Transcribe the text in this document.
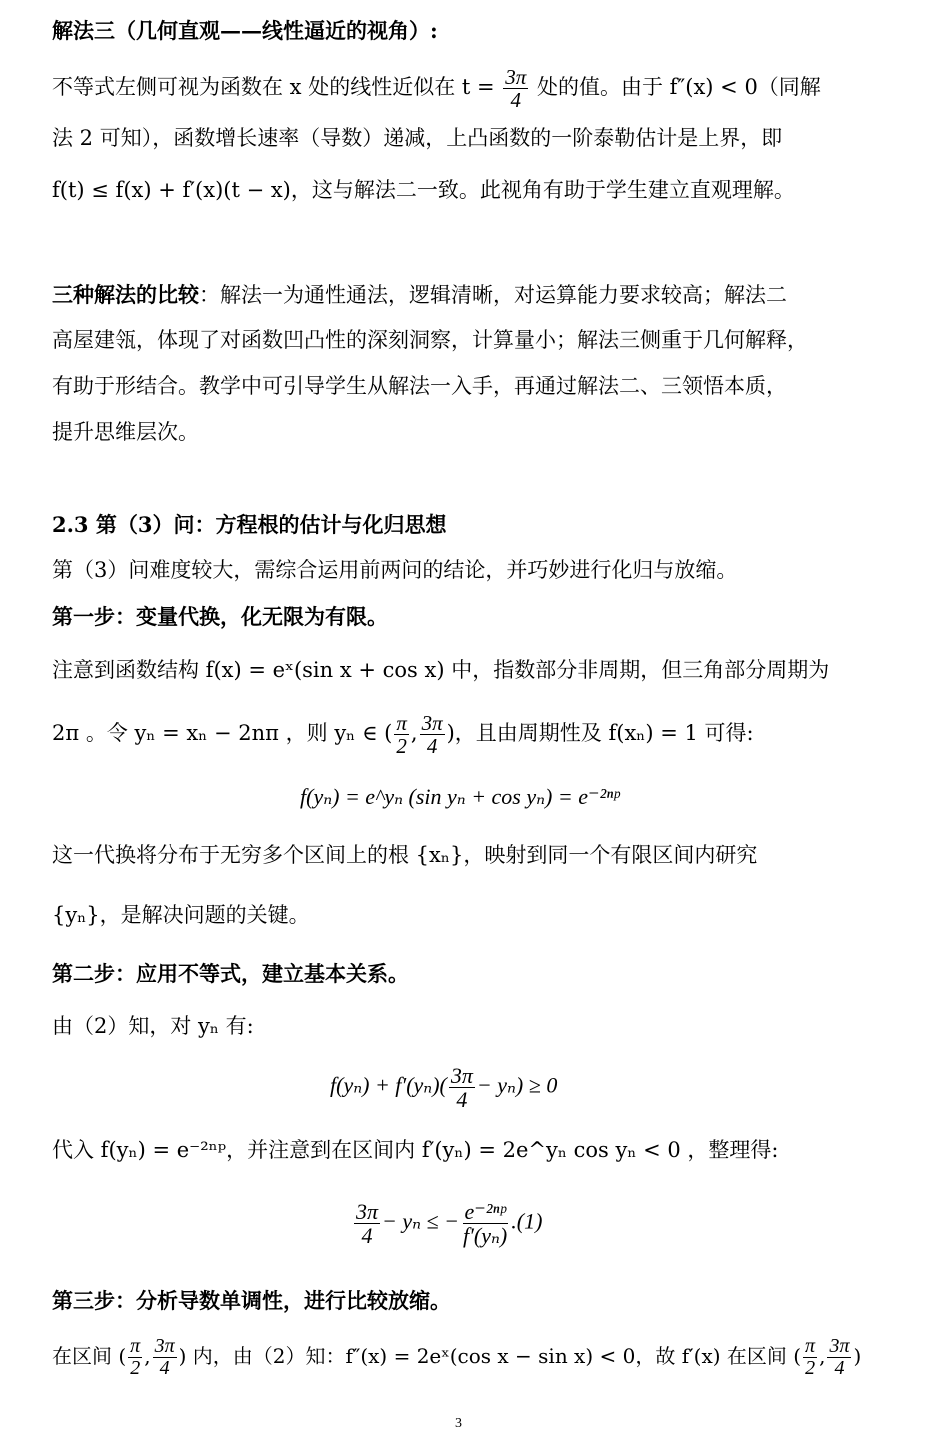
解法三（几何直观——线性逼近的视角）:
不等式左侧可视为函数在 x 处的线性近似在 $t = \frac{3\pi}{4}$ 处的值。由于 f″(x) < 0（同解
法 2 可知），函数增长速率（导数）递减，上凸函数的一阶泰勒估计是上界，即
f(t) ≤ f(x) + f′(x)(t − x)，这与解法二一致。此视角有助于学生建立直观理解。
三种解法的比较：解法一为通性通法，逻辑清晰，对运算能力要求较高；解法二
高屋建瓴，体现了对函数凹凸性的深刻洞察，计算量小；解法三侧重于几何解释，
有助于形结合。教学中可引导学生从解法一入手，再通过解法二、三领悟本质，
提升思维层次。
2.3 第（3）问：方程根的估计与化归思想
第（3）问难度较大，需综合运用前两问的结论，并巧妙进行化归与放缩。
第一步：变量代换，化无限为有限。
注意到函数结构 f(x) = eˣ(sin x + cos x) 中，指数部分非周期，但三角部分周期为
2π 。令 yₙ = xₙ − 2nπ ，则 yₙ ∈ ( $\frac{\pi}{2}$ , $\frac{3\pi}{4}$ )，且由周期性及 f(xₙ) = 1 可得:
f(yₙ) = e^yₙ (sin yₙ + cos yₙ) = e⁻²ⁿᵖ
这一代换将分布于无穷多个区间上的根 {xₙ}，映射到同一个有限区间内研究
{yₙ}，是解决问题的关键。
第二步：应用不等式，建立基本关系。
由（2）知，对 yₙ 有:
$f(y_n) + f'(y_n)( \frac{3\pi}{4} - y_n) \ge 0$
代入 f(yₙ) = e⁻²ⁿᵖ，并注意到在区间内 f′(yₙ) = 2e^yₙ cos yₙ < 0 ，整理得:
$\frac{3\pi}{4} - y_n$ ≤ − $\frac{\text{e⁻²ⁿᵖ}}{\text{f′(yₙ)}} .(1)$
第三步：分析导数单调性，进行比较放缩。
在区间 ( $\frac{\pi}{2}$ , $\frac{3\pi}{4}$ ) 内，由（2）知：f″(x) = 2eˣ(cos x − sin x) < 0，故 f′(x) 在区间 ( $\frac{\pi}{2}$ , $\frac{3\pi}{4}$ )
3
